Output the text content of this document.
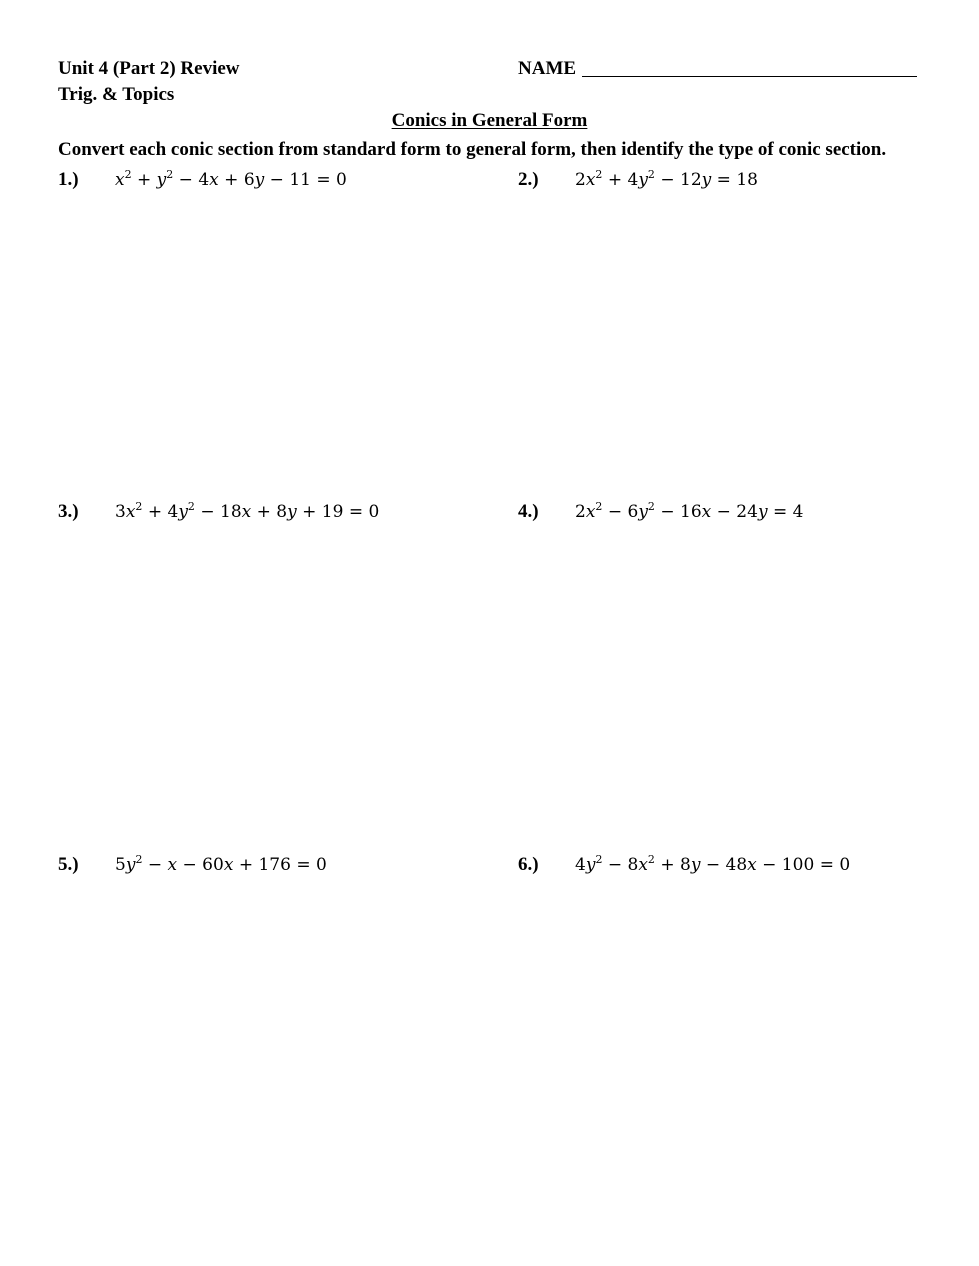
Unit 4 (Part 2) Review
Trig. & Topics
NAME
Conics in General Form
Convert each conic section from standard form to general form, then identify the type of conic section.
1.) $x^2 + y^2 - 4x + 6y - 11 = 0$	2.) $2x^2 + 4y^2 - 12y = 18$
3.) $3x^2 + 4y^2 - 18x + 8y + 19 = 0$	4.) $2x^2 - 6y^2 - 16x - 24y = 4$
5.) $5y^2 - x - 60x + 176 = 0$	6.) $4y^2 - 8x^2 + 8y - 48x - 100 = 0$
